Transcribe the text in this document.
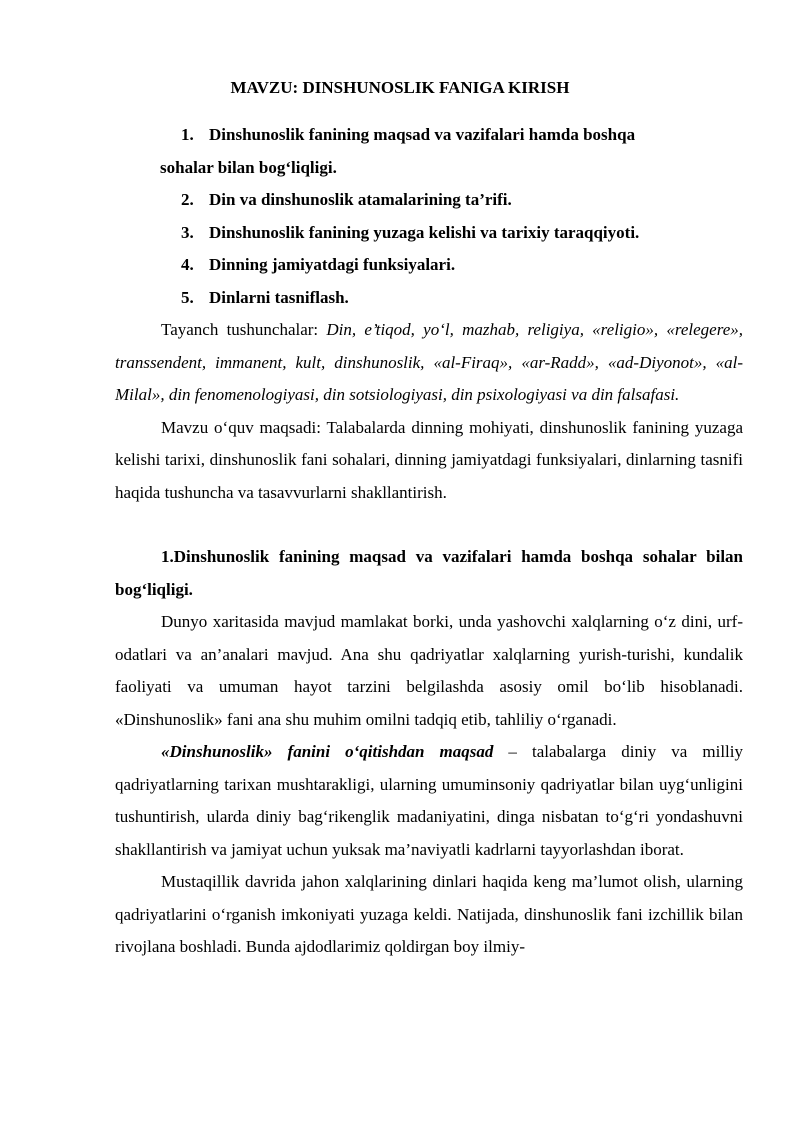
MAVZU: DINSHUNOSLIK FANIGA KIRISH

1. Dinshunoslik fanining maqsad va vazifalari hamda boshqa

sohalar bilan bog‘liqligi.

2. Din va dinshunoslik atamalarining ta’rifi.

3. Dinshunoslik fanining yuzaga kelishi va tarixiy taraqqiyoti.

4. Dinning jamiyatdagi funksiyalari.

5. Dinlarni tasniflash.

Tayanch tushunchalar: Din, e’tiqod, yo‘l, mazhab, religiya, «religio», «relegere», transsendent, immanent, kult, dinshunoslik, «al-Firaq», «ar-Radd», «ad-Diyonot», «al-Milal», din fenomenologiyasi, din sotsiologiyasi, din psixologiyasi va din falsafasi.

Mavzu o‘quv maqsadi: Talabalarda dinning mohiyati, dinshunoslik fanining yuzaga kelishi tarixi, dinshunoslik fani sohalari, dinning jamiyatdagi funksiyalari, dinlarning tasnifi haqida tushuncha va tasavvurlarni shakllantirish.

1.Dinshunoslik fanining maqsad va vazifalari hamda boshqa sohalar bilan bog‘liqligi.

Dunyo xaritasida mavjud mamlakat borki, unda yashovchi xalqlarning o‘z dini, urf-odatlari va an’analari mavjud. Ana shu qadriyatlar xalqlarning yurish-turishi, kundalik faoliyati va umuman hayot tarzini belgilashda asosiy omil bo‘lib hisoblanadi. «Dinshunoslik» fani ana shu muhim omilni tadqiq etib, tahliliy o‘rganadi.

«Dinshunoslik» fanini o‘qitishdan maqsad – talabalarga diniy va milliy qadriyatlarning tarixan mushtarakligi, ularning umuminsoniy qadriyatlar bilan uyg‘unligini tushuntirish, ularda diniy bag‘rikenglik madaniyatini, dinga nisbatan to‘g‘ri yondashuvni shakllantirish va jamiyat uchun yuksak ma’naviyatli kadrlarni tayyorlashdan iborat.

Mustaqillik davrida jahon xalqlarining dinlari haqida keng ma’lumot olish, ularning qadriyatlarini o‘rganish imkoniyati yuzaga keldi. Natijada, dinshunoslik fani izchillik bilan rivojlana boshladi. Bunda ajdodlarimiz qoldirgan boy ilmiy-
